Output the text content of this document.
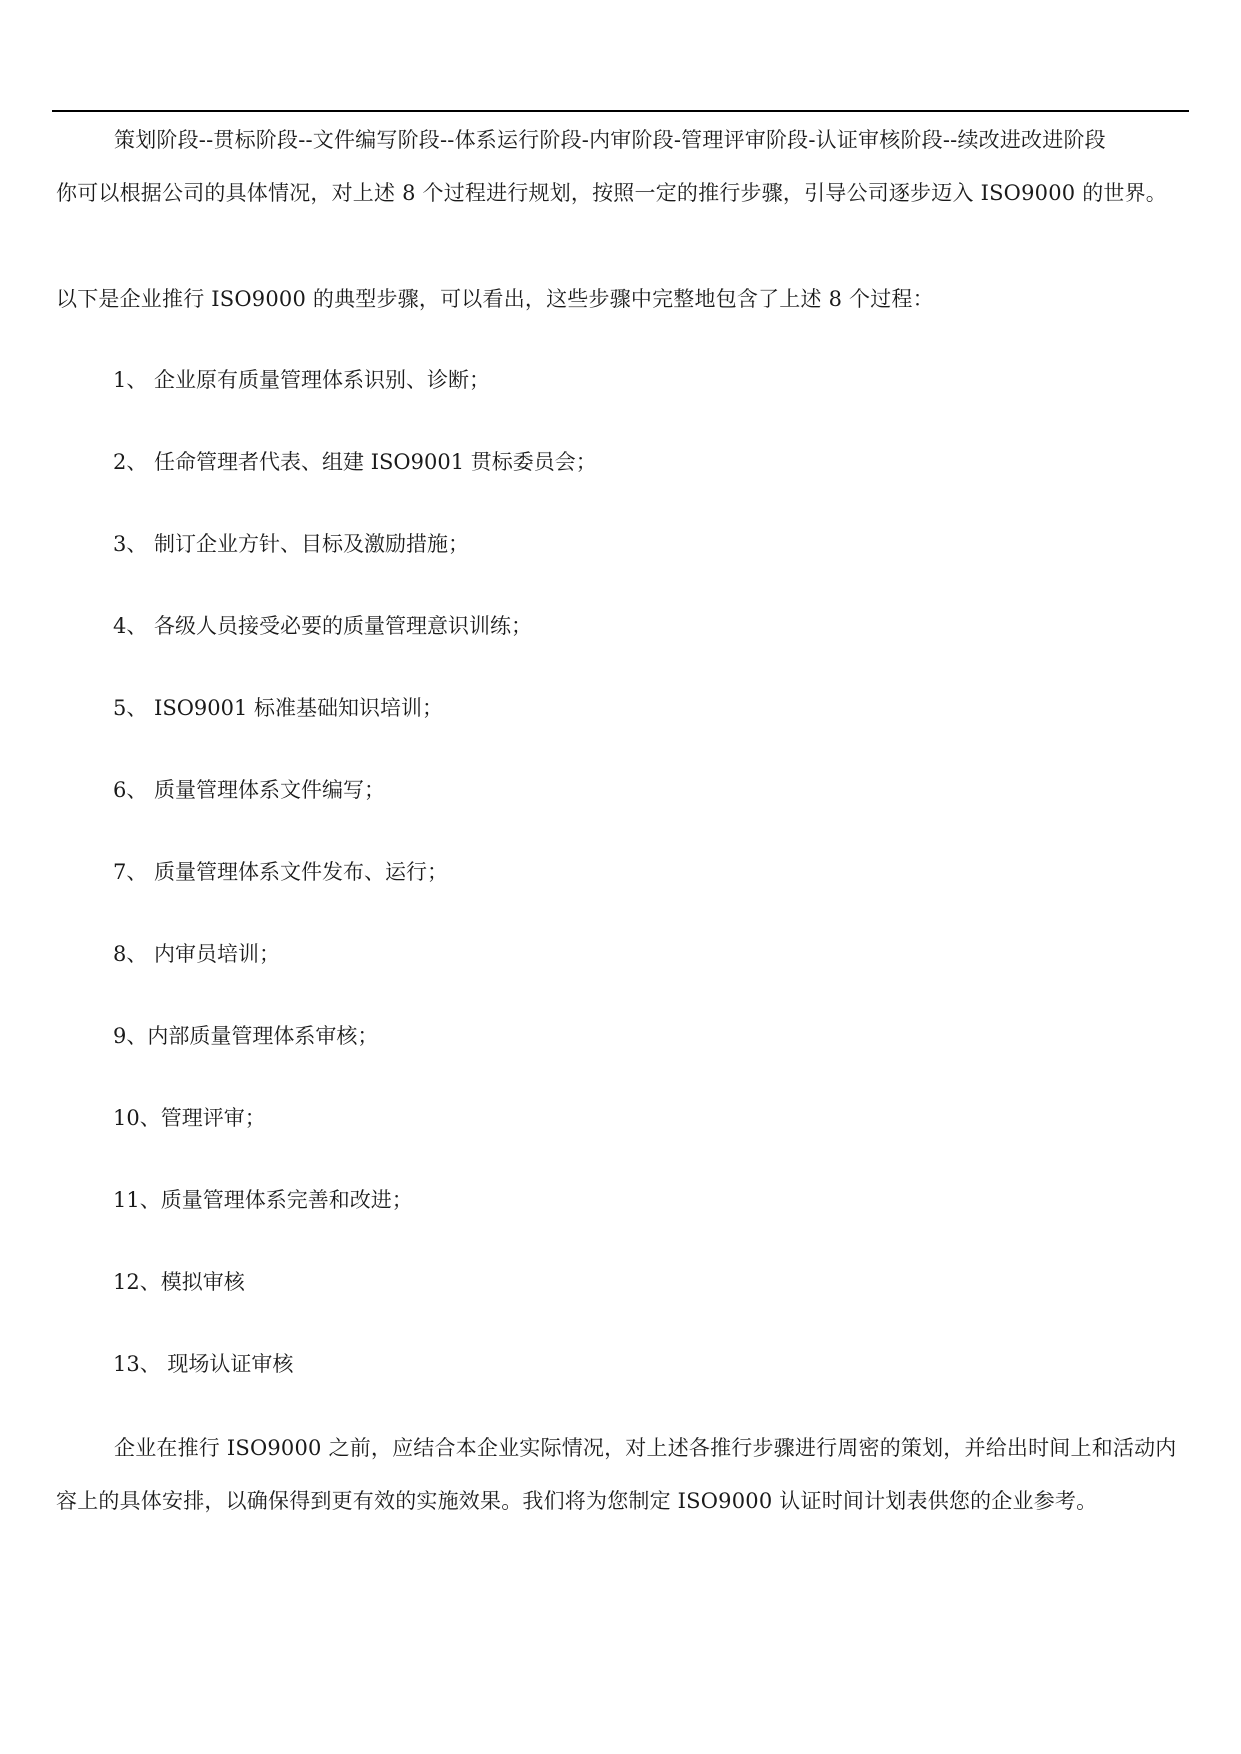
策划阶段--贯标阶段--文件编写阶段--体系运行阶段-内审阶段-管理评审阶段-认证审核阶段--续改进改进阶段
你可以根据公司的具体情况，对上述 8 个过程进行规划，按照一定的推行步骤，引导公司逐步迈入 ISO9000 的世界。
以下是企业推行 ISO9000 的典型步骤，可以看出，这些步骤中完整地包含了上述 8 个过程：
1、 企业原有质量管理体系识别、诊断；
2、 任命管理者代表、组建 ISO9001 贯标委员会；
3、 制订企业方针、目标及激励措施；
4、 各级人员接受必要的质量管理意识训练；
5、 ISO9001 标准基础知识培训；
6、 质量管理体系文件编写；
7、 质量管理体系文件发布、运行；
8、 内审员培训；
9、内部质量管理体系审核；
10、管理评审；
11、质量管理体系完善和改进；
12、模拟审核
13、 现场认证审核
企业在推行 ISO9000 之前，应结合本企业实际情况，对上述各推行步骤进行周密的策划，并给出时间上和活动内容上的具体安排，以确保得到更有效的实施效果。我们将为您制定 ISO9000 认证时间计划表供您的企业参考。
